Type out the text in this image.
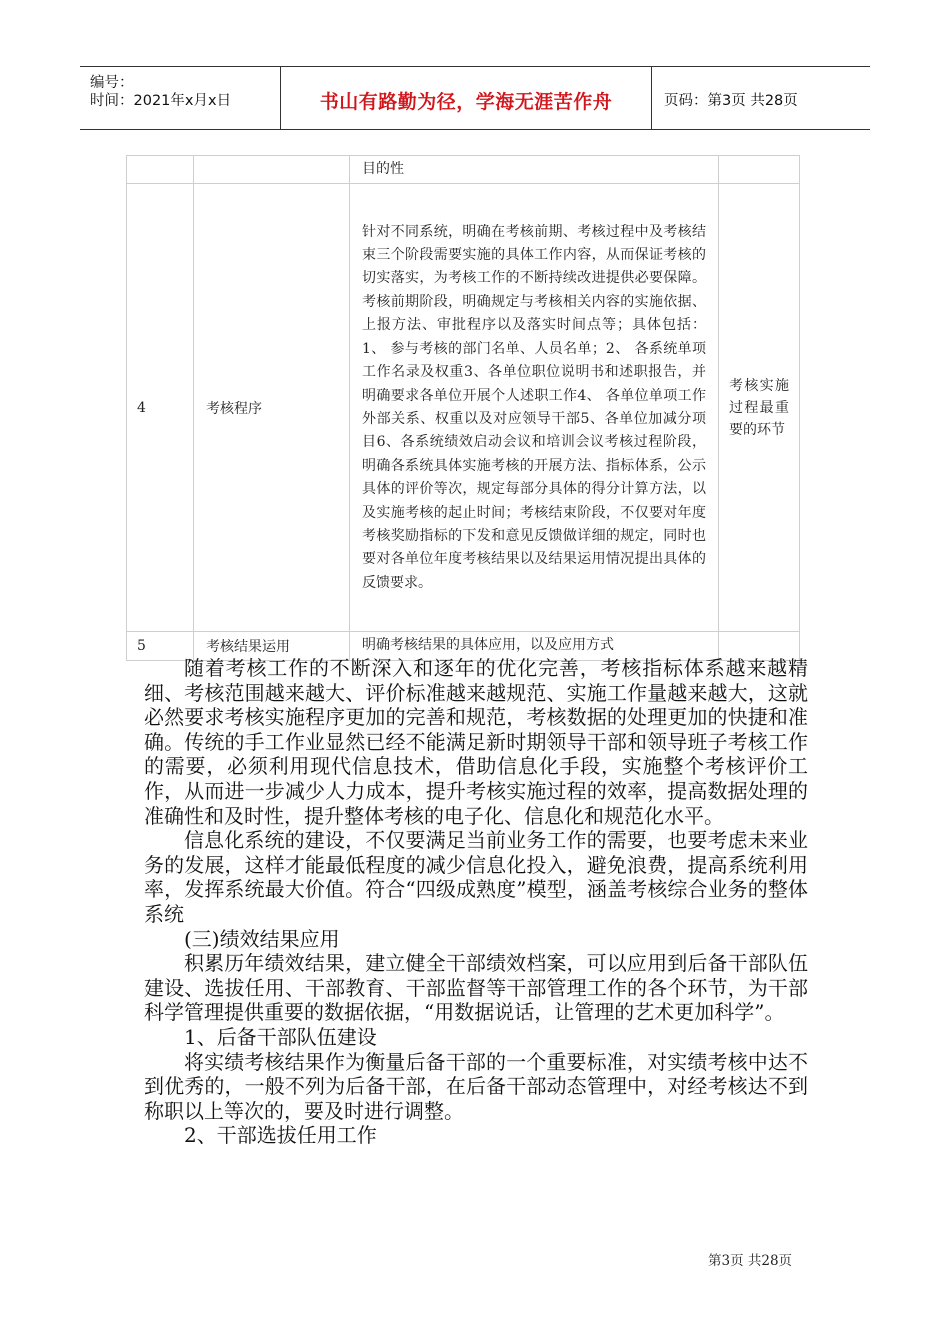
编号：
时间：2021年x月x日	书山有路勤为径，学海无涯苦作舟	页码：第3页 共28页
		目的性	
4	考核程序	针对不同系统，明确在考核前期、考核过程中及考核结束三个阶段需要实施的具体工作内容，从而保证考核的切实落实，为考核工作的不断持续改进提供必要保障。考核前期阶段，明确规定与考核相关内容的实施依据、上报方法、审批程序以及落实时间点等；具体包括：1、 参与考核的部门名单、人员名单；2、 各系统单项工作名录及权重3、各单位职位说明书和述职报告，并明确要求各单位开展个人述职工作4、 各单位单项工作外部关系、权重以及对应领导干部5、各单位加减分项目6、各系统绩效启动会议和培训会议考核过程阶段，明确各系统具体实施考核的开展方法、指标体系，公示具体的评价等次，规定每部分具体的得分计算方法，以及实施考核的起止时间；考核结束阶段，不仅要对年度考核奖励指标的下发和意见反馈做详细的规定，同时也要对各单位年度考核结果以及结果运用情况提出具体的反馈要求。	考核实施过程最重要的环节
5	考核结果运用	明确考核结果的具体应用，以及应用方式	

随着考核工作的不断深入和逐年的优化完善，考核指标体系越来越精细、考核范围越来越大、评价标准越来越规范、实施工作量越来越大，这就必然要求考核实施程序更加的完善和规范，考核数据的处理更加的快捷和准确。传统的手工作业显然已经不能满足新时期领导干部和领导班子考核工作的需要，必须利用现代信息技术，借助信息化手段，实施整个考核评价工作，从而进一步减少人力成本，提升考核实施过程的效率，提高数据处理的准确性和及时性，提升整体考核的电子化、信息化和规范化水平。

信息化系统的建设，不仅要满足当前业务工作的需要，也要考虑未来业务的发展，这样才能最低程度的减少信息化投入，避免浪费，提高系统利用率，发挥系统最大价值。符合“四级成熟度”模型，涵盖考核综合业务的整体系统

(三)绩效结果应用

积累历年绩效结果，建立健全干部绩效档案，可以应用到后备干部队伍建设、选拔任用、干部教育、干部监督等干部管理工作的各个环节，为干部科学管理提供重要的数据依据，“用数据说话，让管理的艺术更加科学”。

1、后备干部队伍建设

将实绩考核结果作为衡量后备干部的一个重要标准，对实绩考核中达不到优秀的，一般不列为后备干部，在后备干部动态管理中，对经考核达不到称职以上等次的，要及时进行调整。

2、干部选拔任用工作

第3页 共28页
